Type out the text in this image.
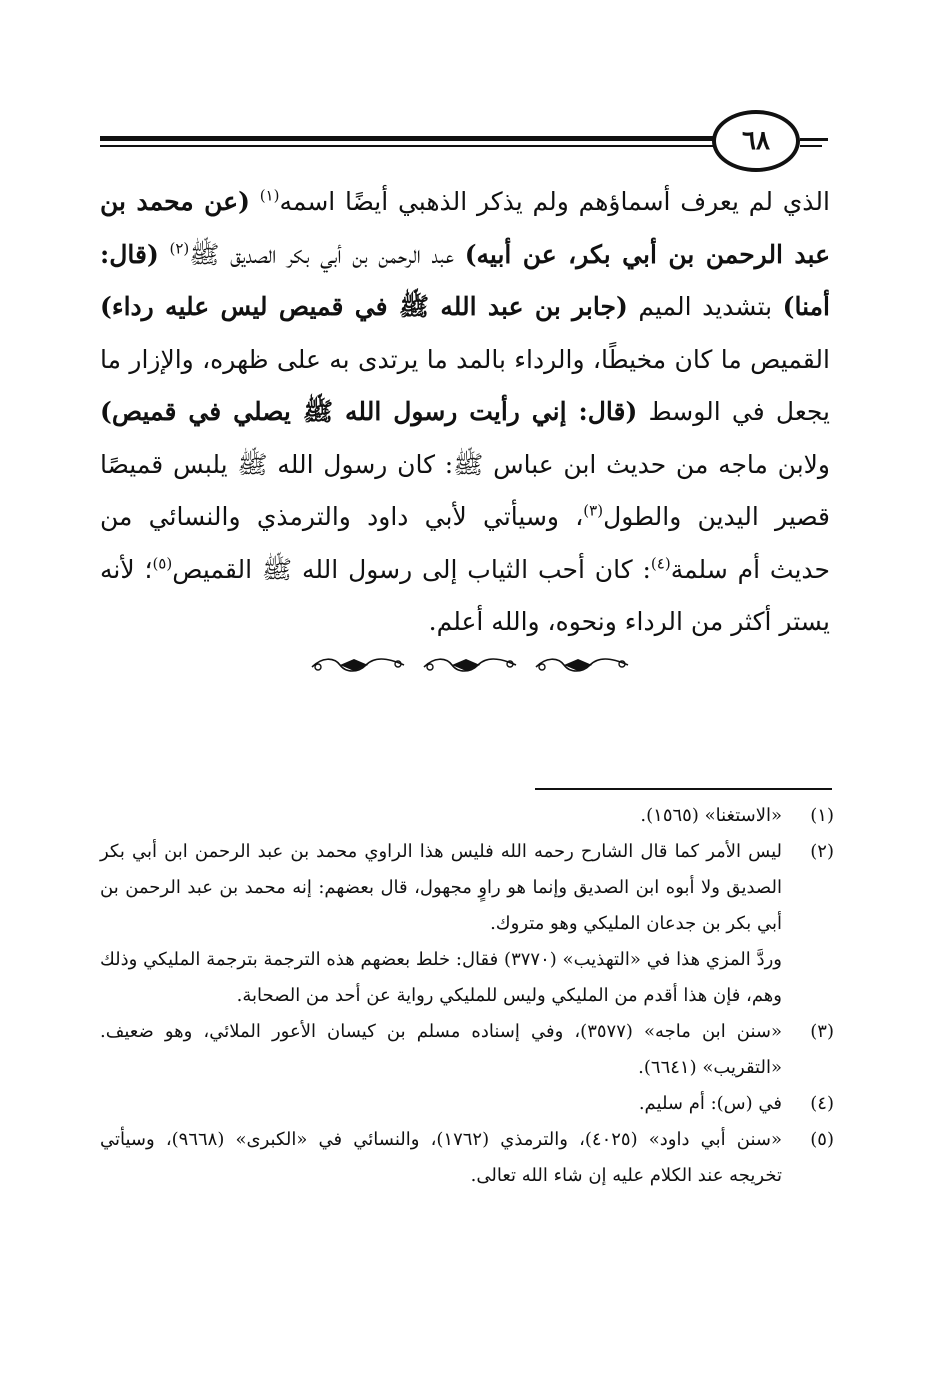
٦٨
الذي لم يعرف أسماؤهم ولم يذكر الذهبي أيضًا اسمه$^{(١)}$ (عن محمد بن عبد الرحمن بن أبي بكر، عن أبيه) عبد الرحمن بن أبي بكر الصديق ﷺ$^{(٢)}$ (قال: أمنا) بتشديد الميم (جابر بن عبد الله ﷺ في قميص ليس عليه رداء) القميص ما كان مخيطًا، والرداء بالمد ما يرتدى به على ظهره، والإزار ما يجعل في الوسط (قال: إني رأيت رسول الله ﷺ يصلي في قميص) ولابن ماجه من حديث ابن عباس ﷺ: كان رسول الله ﷺ يلبس قميصًا قصير اليدين والطول$^{(٣)}$، وسيأتي لأبي داود والترمذي والنسائي من حديث أم سلمة$^{(٤)}$: كان أحب الثياب إلى رسول الله ﷺ القميص$^{(٥)}$؛ لأنه يستر أكثر من الرداء ونحوه، والله أعلم.
(١)
«الاستغنا» (١٥٦٥).
(٢)
ليس الأمر كما قال الشارح رحمه الله فليس هذا الراوي محمد بن عبد الرحمن ابن أبي بكر الصديق ولا أبوه ابن الصديق وإنما هو راوٍ مجهول، قال بعضهم: إنه محمد بن عبد الرحمن بن أبي بكر بن جدعان المليكي وهو متروك.
وردَّ المزي هذا في «التهذيب» (٣٧٧٠) فقال: خلط بعضهم هذه الترجمة بترجمة المليكي وذلك وهم، فإن هذا أقدم من المليكي وليس للمليكي رواية عن أحد من الصحابة.
(٣)
«سنن ابن ماجه» (٣٥٧٧)، وفي إسناده مسلم بن كيسان الأعور الملائي، وهو ضعيف. «التقريب» (٦٦٤١).
(٤)
في (س): أم سليم.
(٥)
«سنن أبي داود» (٤٠٢٥)، والترمذي (١٧٦٢)، والنسائي في «الكبرى» (٩٦٦٨)، وسيأتي تخريجه عند الكلام عليه إن شاء الله تعالى.
